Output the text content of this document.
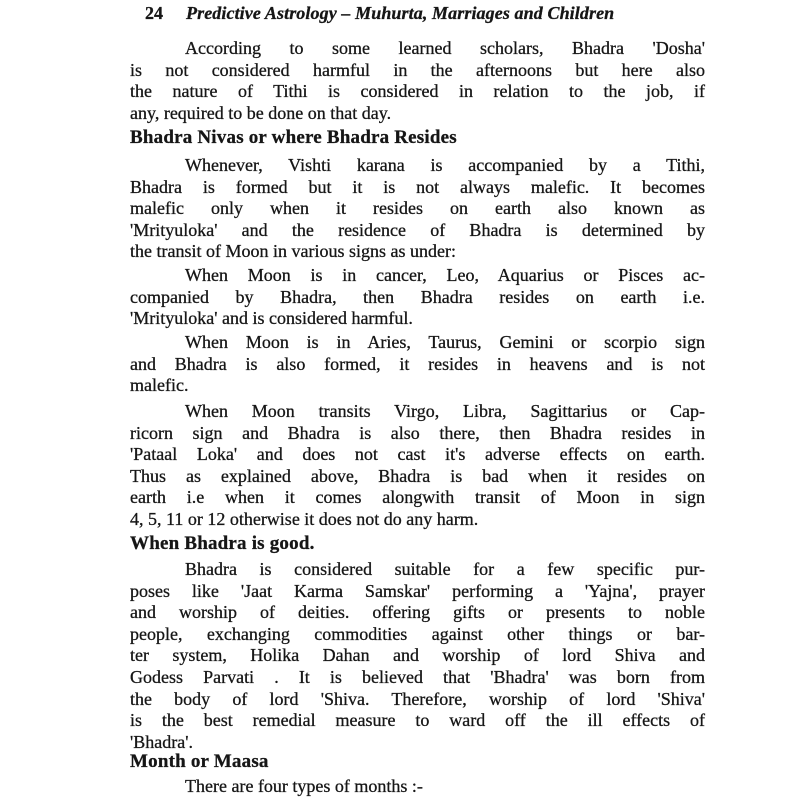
24 Predictive Astrology – Muhurta, Marriages and Children
According to some learned scholars, Bhadra 'Dosha'
is not considered harmful in the afternoons but here also
the nature of Tithi is considered in relation to the job, if
any, required to be done on that day.
Bhadra Nivas or where Bhadra Resides
Whenever, Vishti karana is accompanied by a Tithi,
Bhadra is formed but it is not always malefic. It becomes
malefic only when it resides on earth also known as
'Mrityuloka' and the residence of Bhadra is determined by
the transit of Moon in various signs as under:
When Moon is in cancer, Leo, Aquarius or Pisces ac-
companied by Bhadra, then Bhadra resides on earth i.e.
'Mrityuloka' and is considered harmful.
When Moon is in Aries, Taurus, Gemini or scorpio sign
and Bhadra is also formed, it resides in heavens and is not
malefic.
When Moon transits Virgo, Libra, Sagittarius or Cap-
ricorn sign and Bhadra is also there, then Bhadra resides in
'Pataal Loka' and does not cast it's adverse effects on earth.
Thus as explained above, Bhadra is bad when it resides on
earth i.e when it comes alongwith transit of Moon in sign
4, 5, 11 or 12 otherwise it does not do any harm.
When Bhadra is good.
Bhadra is considered suitable for a few specific pur-
poses like 'Jaat Karma Samskar' performing a 'Yajna', prayer
and worship of deities. offering gifts or presents to noble
people, exchanging commodities against other things or bar-
ter system, Holika Dahan and worship of lord Shiva and
Godess Parvati . It is believed that 'Bhadra' was born from
the body of lord 'Shiva. Therefore, worship of lord 'Shiva'
is the best remedial measure to ward off the ill effects of
'Bhadra'.
Month or Maasa
There are four types of months :-
